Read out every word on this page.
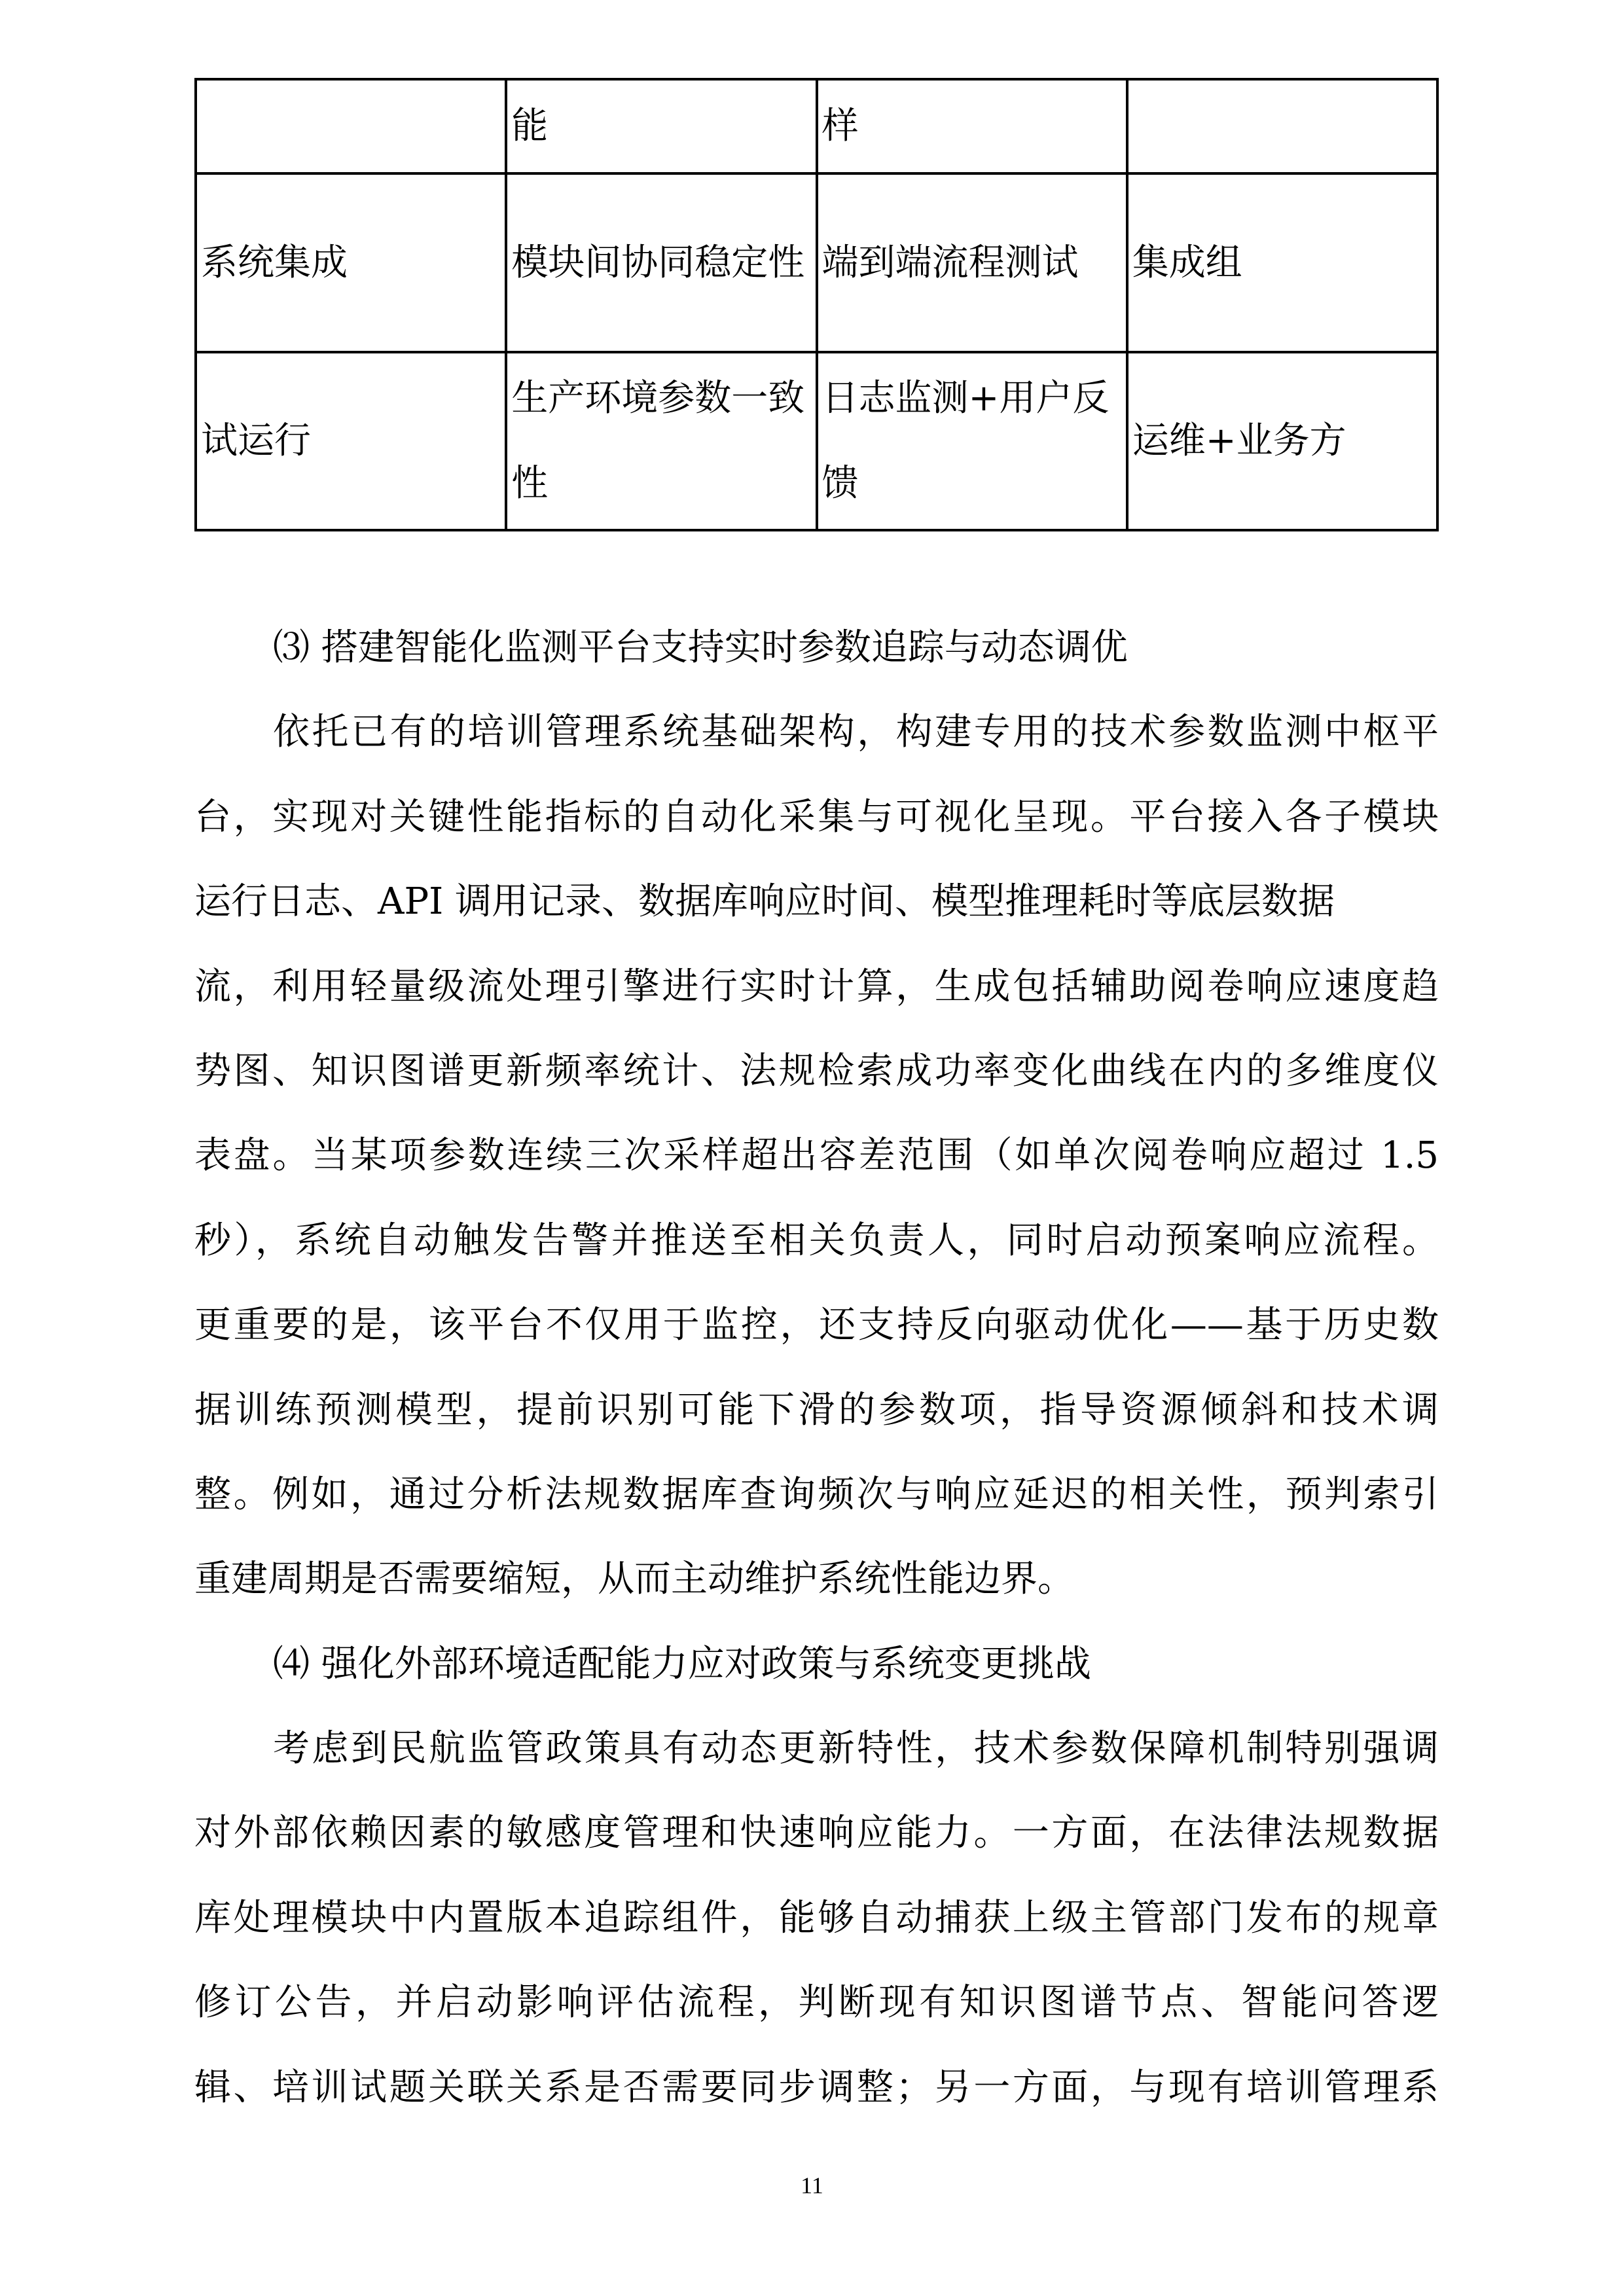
	能	样	
系统集成	模块间协同稳定性	端到端流程测试	集成组
试运行	生产环境参数一致性	日志监测+用户反馈	运维+业务方
⑶ 搭建智能化监测平台支持实时参数追踪与动态调优
依托已有的培训管理系统基础架构，构建专用的技术参数监测中枢平
台，实现对关键性能指标的自动化采集与可视化呈现。平台接入各子模块
运行日志、API 调用记录、数据库响应时间、模型推理耗时等底层数据
流，利用轻量级流处理引擎进行实时计算，生成包括辅助阅卷响应速度趋
势图、知识图谱更新频率统计、法规检索成功率变化曲线在内的多维度仪
表盘。当某项参数连续三次采样超出容差范围（如单次阅卷响应超过 1.5
秒），系统自动触发告警并推送至相关负责人，同时启动预案响应流程。
更重要的是，该平台不仅用于监控，还支持反向驱动优化——基于历史数
据训练预测模型，提前识别可能下滑的参数项，指导资源倾斜和技术调
整。例如，通过分析法规数据库查询频次与响应延迟的相关性，预判索引
重建周期是否需要缩短，从而主动维护系统性能边界。
⑷ 强化外部环境适配能力应对政策与系统变更挑战
考虑到民航监管政策具有动态更新特性，技术参数保障机制特别强调
对外部依赖因素的敏感度管理和快速响应能力。一方面，在法律法规数据
库处理模块中内置版本追踪组件，能够自动捕获上级主管部门发布的规章
修订公告，并启动影响评估流程，判断现有知识图谱节点、智能问答逻
辑、培训试题关联关系是否需要同步调整；另一方面，与现有培训管理系
11
